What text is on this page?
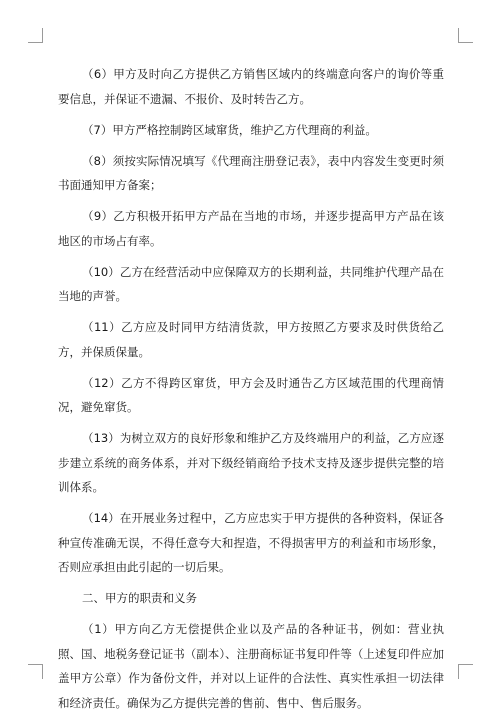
（6）甲方及时向乙方提供乙方销售区域内的终端意向客户的询价等重要信息，并保证不遗漏、不报价、及时转告乙方。

（7）甲方严格控制跨区域窜货，维护乙方代理商的利益。

（8）须按实际情况填写《代理商注册登记表》，表中内容发生变更时须书面通知甲方备案；

（9）乙方积极开拓甲方产品在当地的市场，并逐步提高甲方产品在该地区的市场占有率。

（10）乙方在经营活动中应保障双方的长期利益，共同维护代理产品在当地的声誉。

（11）乙方应及时同甲方结清货款，甲方按照乙方要求及时供货给乙方，并保质保量。

（12）乙方不得跨区窜货，甲方会及时通告乙方区域范围的代理商情况，避免窜货。

（13）为树立双方的良好形象和维护乙方及终端用户的利益，乙方应逐步建立系统的商务体系，并对下级经销商给予技术支持及逐步提供完整的培训体系。

（14）在开展业务过程中，乙方应忠实于甲方提供的各种资料，保证各种宣传准确无误，不得任意夸大和捏造，不得损害甲方的利益和市场形象，否则应承担由此引起的一切后果。

二、甲方的职责和义务

（1）甲方向乙方无偿提供企业以及产品的各种证书，例如：营业执照、国、地税务登记证书（副本）、注册商标证书复印件等（上述复印件应加盖甲方公章）作为备份文件，并对以上证件的合法性、真实性承担一切法律和经济责任。确保为乙方提供完善的售前、售中、售后服务。
